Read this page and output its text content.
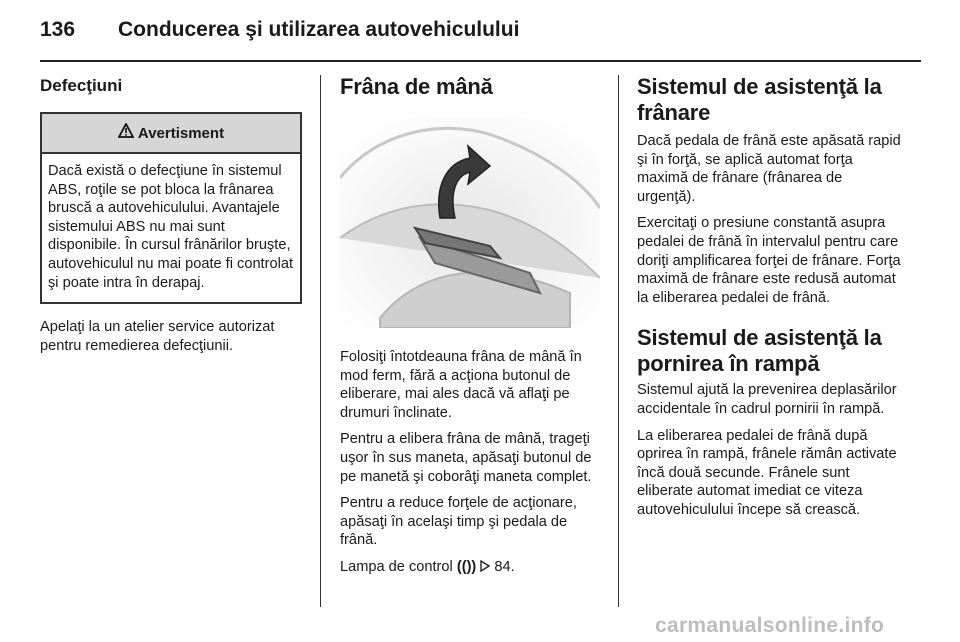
136 Conducerea şi utilizarea autovehiculului
Defecţiuni
Avertisment
Dacă există o defecţiune în sistemul ABS, roţile se pot bloca la frânarea bruscă a autovehiculului. Avantajele sistemului ABS nu mai sunt disponibile. În cursul frânărilor bruşte, autovehiculul nu mai poate fi controlat şi poate intra în derapaj.

Apelaţi la un atelier service autorizat pentru remedierea defecţiunii.

Frâna de mână

Folosiţi întotdeauna frâna de mână în mod ferm, fără a acţiona butonul de eliberare, mai ales dacă vă aflaţi pe drumuri înclinate.

Pentru a elibera frâna de mână, trageţi uşor în sus maneta, apăsaţi butonul de pe manetă şi coborâţi maneta complet.

Pentru a reduce forţele de acţionare, apăsaţi în acelaşi timp şi pedala de frână.

Lampa de control (()) 84.

Sistemul de asistenţă la frânare

Dacă pedala de frână este apăsată rapid şi în forţă, se aplică automat forţa maximă de frânare (frânarea de urgenţă).

Exercitaţi o presiune constantă asupra pedalei de frână în intervalul pentru care doriţi amplificarea forţei de frânare. Forţa maximă de frânare este redusă automat la eliberarea pedalei de frână.

Sistemul de asistenţă la pornirea în rampă

Sistemul ajută la prevenirea deplasărilor accidentale în cadrul pornirii în rampă.

La eliberarea pedalei de frână după oprirea în rampă, frânele rămân activate încă două secunde. Frânele sunt eliberate automat imediat ce viteza autovehiculului începe să crească.

carmanualsonline.info
